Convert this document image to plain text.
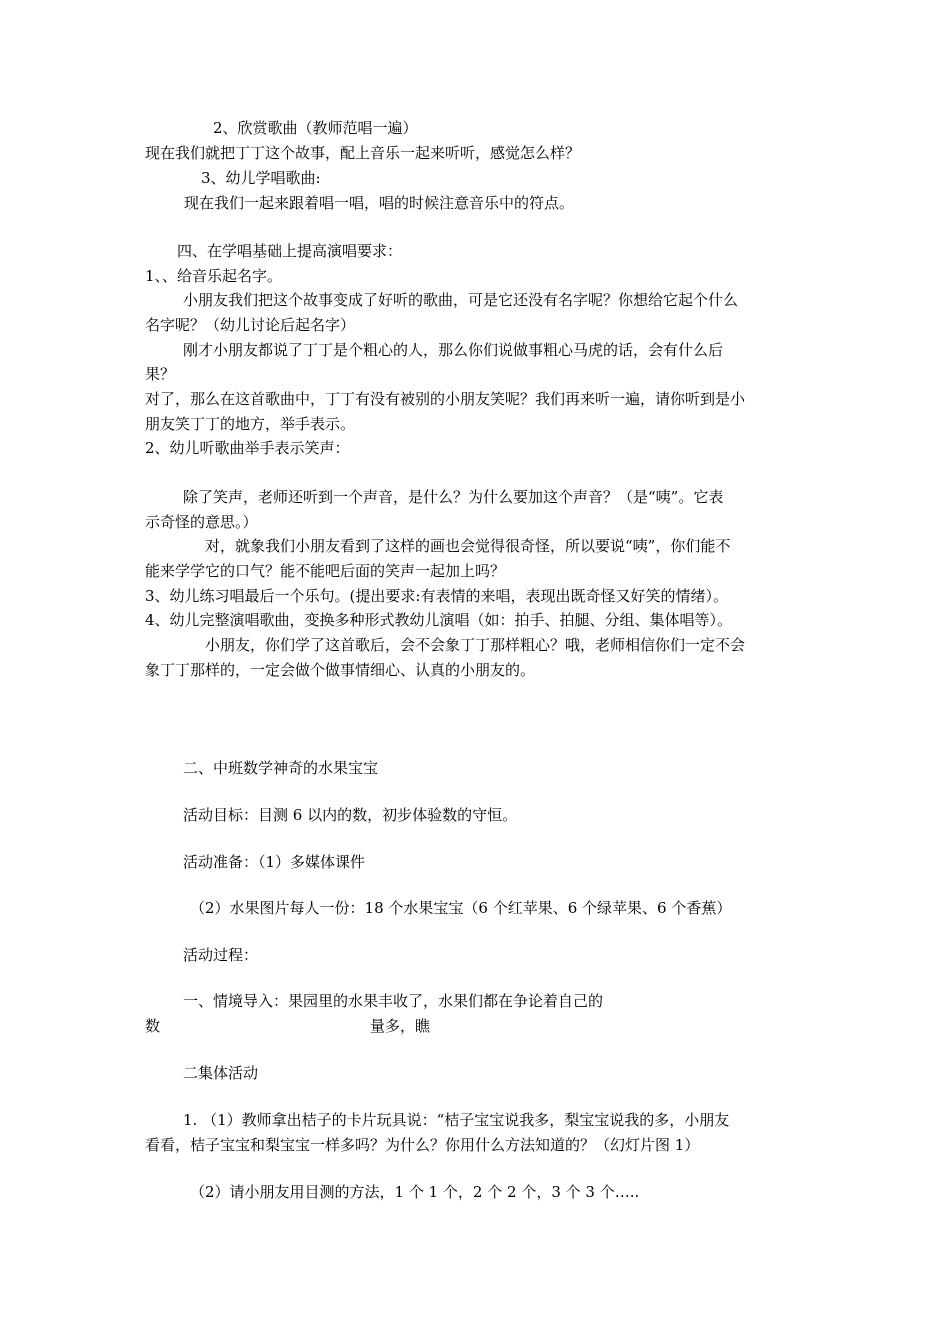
2、欣赏歌曲（教师范唱一遍）
现在我们就把丁丁这个故事，配上音乐一起来听听，感觉怎么样？
3、幼儿学唱歌曲:
现在我们一起来跟着唱一唱，唱的时候注意音乐中的符点。
四、在学唱基础上提高演唱要求：
1、、给音乐起名字。
小朋友我们把这个故事变成了好听的歌曲，可是它还没有名字呢？你想给它起个什么
名字呢？（幼儿讨论后起名字）
刚才小朋友都说了丁丁是个粗心的人，那么你们说做事粗心马虎的话，会有什么后
果？
对了，那么在这首歌曲中，丁丁有没有被别的小朋友笑呢？我们再来听一遍，请你听到是小
朋友笑丁丁的地方，举手表示。
2、幼儿听歌曲举手表示笑声：
除了笑声，老师还听到一个声音，是什么？为什么要加这个声音？（是“咦”。它表
示奇怪的意思。）
对，就象我们小朋友看到了这样的画也会觉得很奇怪，所以要说“咦”，你们能不
能来学学它的口气？能不能吧后面的笑声一起加上吗？
3、幼儿练习唱最后一个乐句。(提出要求:有表情的来唱，表现出既奇怪又好笑的情绪）。
4、幼儿完整演唱歌曲，变换多种形式教幼儿演唱（如：拍手、拍腿、分组、集体唱等）。
小朋友，你们学了这首歌后，会不会象丁丁那样粗心？哦，老师相信你们一定不会
象丁丁那样的，一定会做个做事情细心、认真的小朋友的。
二、中班数学神奇的水果宝宝
活动目标：目测 6 以内的数，初步体验数的守恒。
活动准备：（1）多媒体课件
（2）水果图片每人一份：18 个水果宝宝（6 个红苹果、6 个绿苹果、6 个香蕉）
活动过程：
一、情境导入：果园里的水果丰收了，水果们都在争论着自己的
数	量多，瞧
二集体活动
1. （1）教师拿出桔子的卡片玩具说：“桔子宝宝说我多，梨宝宝说我的多，小朋友
看看，桔子宝宝和梨宝宝一样多吗？为什么？你用什么方法知道的？（幻灯片图 1）
（2）请小朋友用目测的方法，1 个 1 个，2 个 2 个，3 个 3 个…..
